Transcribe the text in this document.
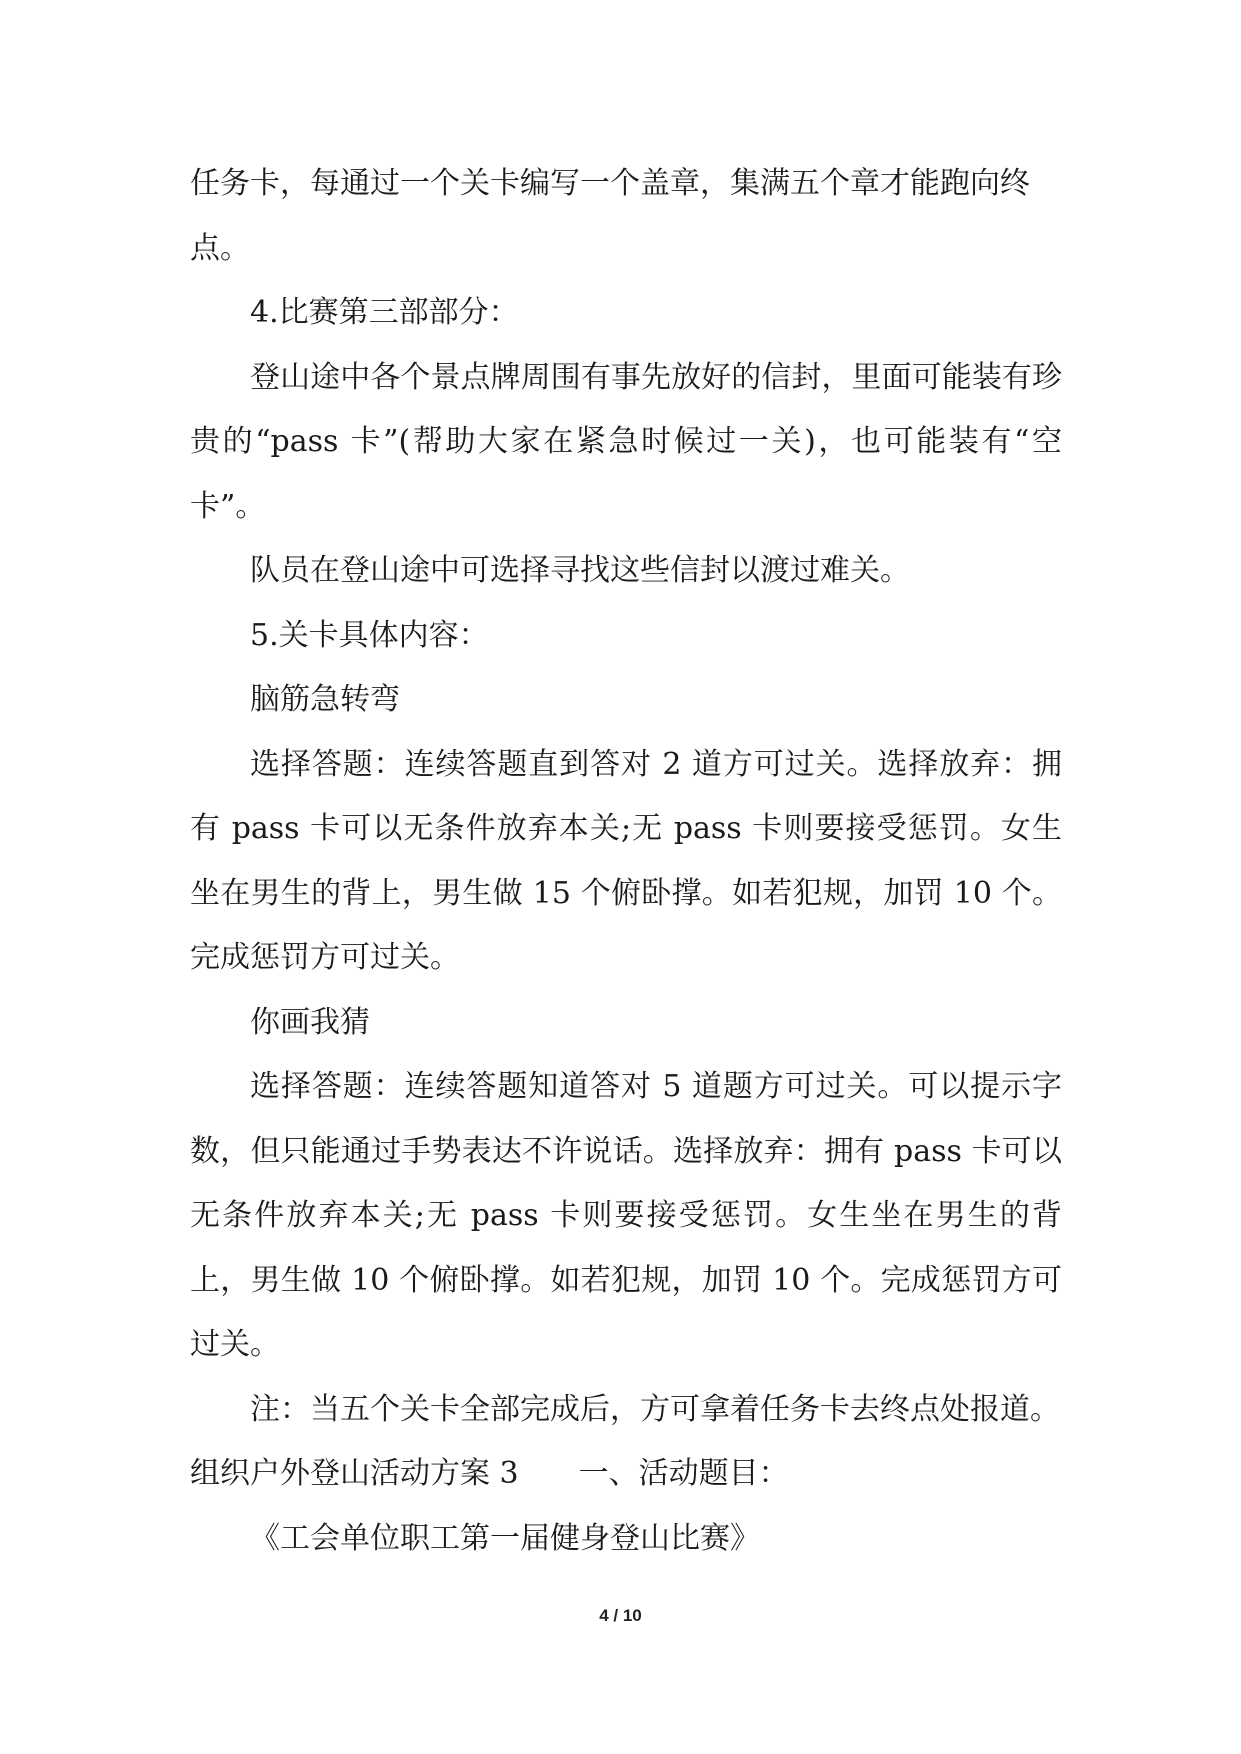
任务卡，每通过一个关卡编写一个盖章，集满五个章才能跑向终点。

4.比赛第三部部分：

登山途中各个景点牌周围有事先放好的信封，里面可能装有珍贵的“pass 卡”(帮助大家在紧急时候过一关)，也可能装有“空卡”。

队员在登山途中可选择寻找这些信封以渡过难关。

5.关卡具体内容：

脑筋急转弯

选择答题：连续答题直到答对 2 道方可过关。选择放弃：拥有 pass 卡可以无条件放弃本关;无 pass 卡则要接受惩罚。女生坐在男生的背上，男生做 15 个俯卧撑。如若犯规，加罚 10 个。完成惩罚方可过关。

你画我猜

选择答题：连续答题知道答对 5 道题方可过关。可以提示字数，但只能通过手势表达不许说话。选择放弃：拥有 pass 卡可以无条件放弃本关;无 pass 卡则要接受惩罚。女生坐在男生的背上，男生做 10 个俯卧撑。如若犯规，加罚 10 个。完成惩罚方可过关。

注：当五个关卡全部完成后，方可拿着任务卡去终点处报道。

组织户外登山活动方案 3　　一、活动题目：

《工会单位职工第一届健身登山比赛》

4 / 10
